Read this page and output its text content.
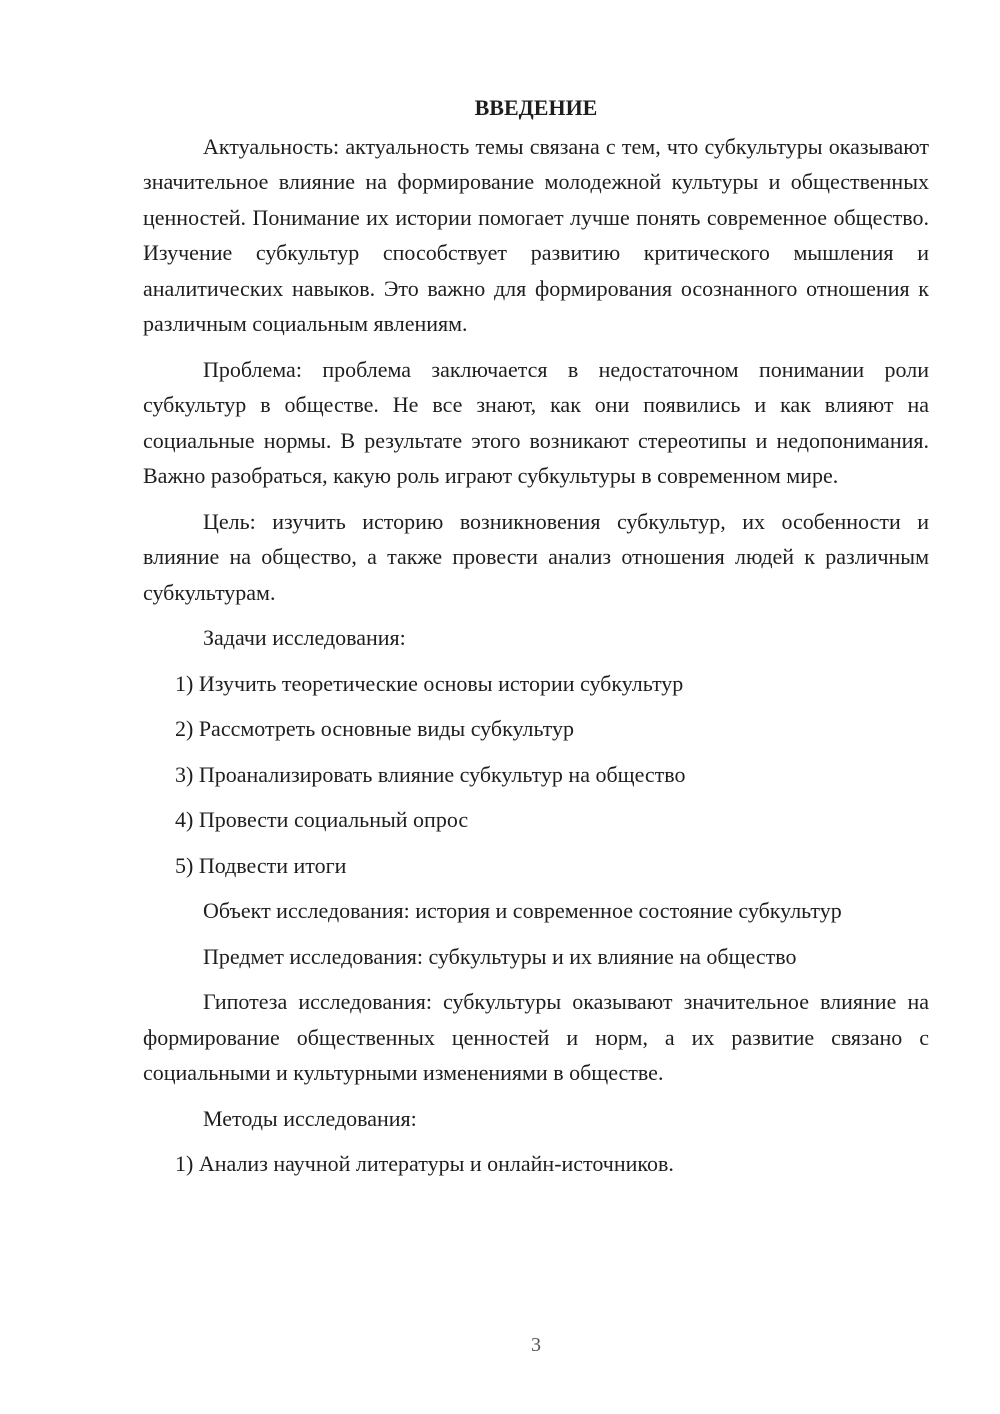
ВВЕДЕНИЕ

Актуальность: актуальность темы связана с тем, что субкультуры оказывают значительное влияние на формирование молодежной культуры и общественных ценностей. Понимание их истории помогает лучше понять современное общество. Изучение субкультур способствует развитию критического мышления и аналитических навыков. Это важно для формирования осознанного отношения к различным социальным явлениям.

Проблема: проблема заключается в недостаточном понимании роли субкультур в обществе. Не все знают, как они появились и как влияют на социальные нормы. В результате этого возникают стереотипы и недопонимания. Важно разобраться, какую роль играют субкультуры в современном мире.

Цель: изучить историю возникновения субкультур, их особенности и влияние на общество, а также провести анализ отношения людей к различным субкультурам.

Задачи исследования:
1) Изучить теоретические основы истории субкультур
2) Рассмотреть основные виды субкультур
3) Проанализировать влияние субкультур на общество
4) Провести социальный опрос
5) Подвести итоги
Объект исследования: история и современное состояние субкультур
Предмет исследования: субкультуры и их влияние на общество

Гипотеза исследования: субкультуры оказывают значительное влияние на формирование общественных ценностей и норм, а их развитие связано с социальными и культурными изменениями в обществе.

Методы исследования:
1) Анализ научной литературы и онлайн-источников.
3
